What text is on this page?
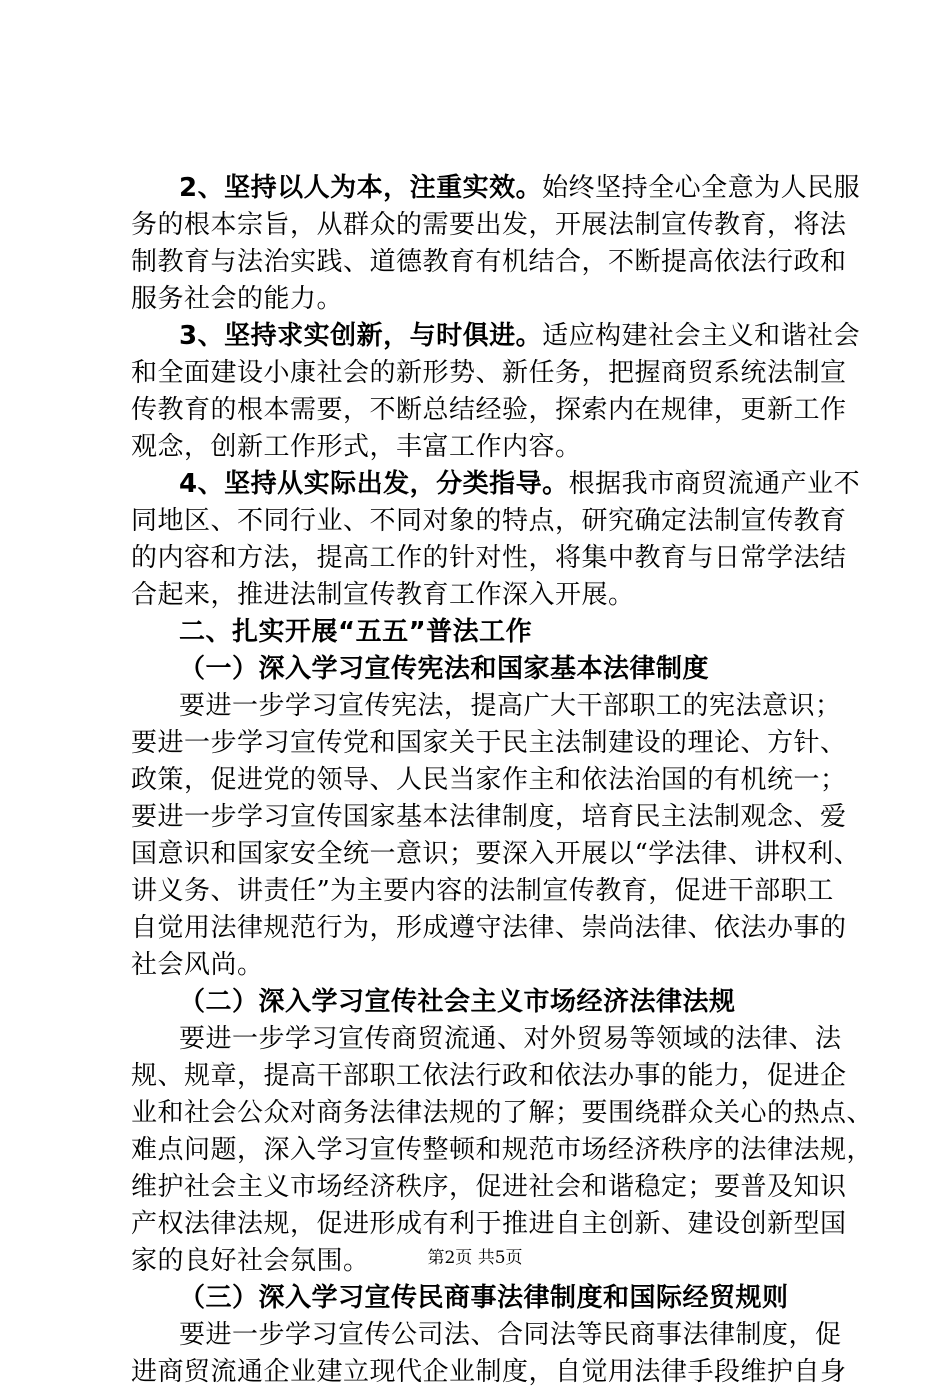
2、坚持以人为本，注重实效。始终坚持全心全意为人民服
务的根本宗旨，从群众的需要出发，开展法制宣传教育，将法
制教育与法治实践、道德教育有机结合，不断提高依法行政和
服务社会的能力。
3、坚持求实创新，与时俱进。适应构建社会主义和谐社会
和全面建设小康社会的新形势、新任务，把握商贸系统法制宣
传教育的根本需要，不断总结经验，探索内在规律，更新工作
观念，创新工作形式，丰富工作内容。
4、坚持从实际出发，分类指导。根据我市商贸流通产业不
同地区、不同行业、不同对象的特点，研究确定法制宣传教育
的内容和方法，提高工作的针对性，将集中教育与日常学法结
合起来，推进法制宣传教育工作深入开展。
二、扎实开展“五五”普法工作
（一）深入学习宣传宪法和国家基本法律制度
要进一步学习宣传宪法，提高广大干部职工的宪法意识；
要进一步学习宣传党和国家关于民主法制建设的理论、方针、
政策，促进党的领导、人民当家作主和依法治国的有机统一；
要进一步学习宣传国家基本法律制度，培育民主法制观念、爱
国意识和国家安全统一意识；要深入开展以“学法律、讲权利、
讲义务、讲责任”为主要内容的法制宣传教育，促进干部职工
自觉用法律规范行为，形成遵守法律、崇尚法律、依法办事的
社会风尚。
（二）深入学习宣传社会主义市场经济法律法规
要进一步学习宣传商贸流通、对外贸易等领域的法律、法
规、规章，提高干部职工依法行政和依法办事的能力，促进企
业和社会公众对商务法律法规的了解；要围绕群众关心的热点、
难点问题，深入学习宣传整顿和规范市场经济秩序的法律法规，
维护社会主义市场经济秩序，促进社会和谐稳定；要普及知识
产权法律法规，促进形成有利于推进自主创新、建设创新型国
家的良好社会氛围。
（三）深入学习宣传民商事法律制度和国际经贸规则
要进一步学习宣传公司法、合同法等民商事法律制度，促
进商贸流通企业建立现代企业制度，自觉用法律手段维护自身
第2页 共5页
